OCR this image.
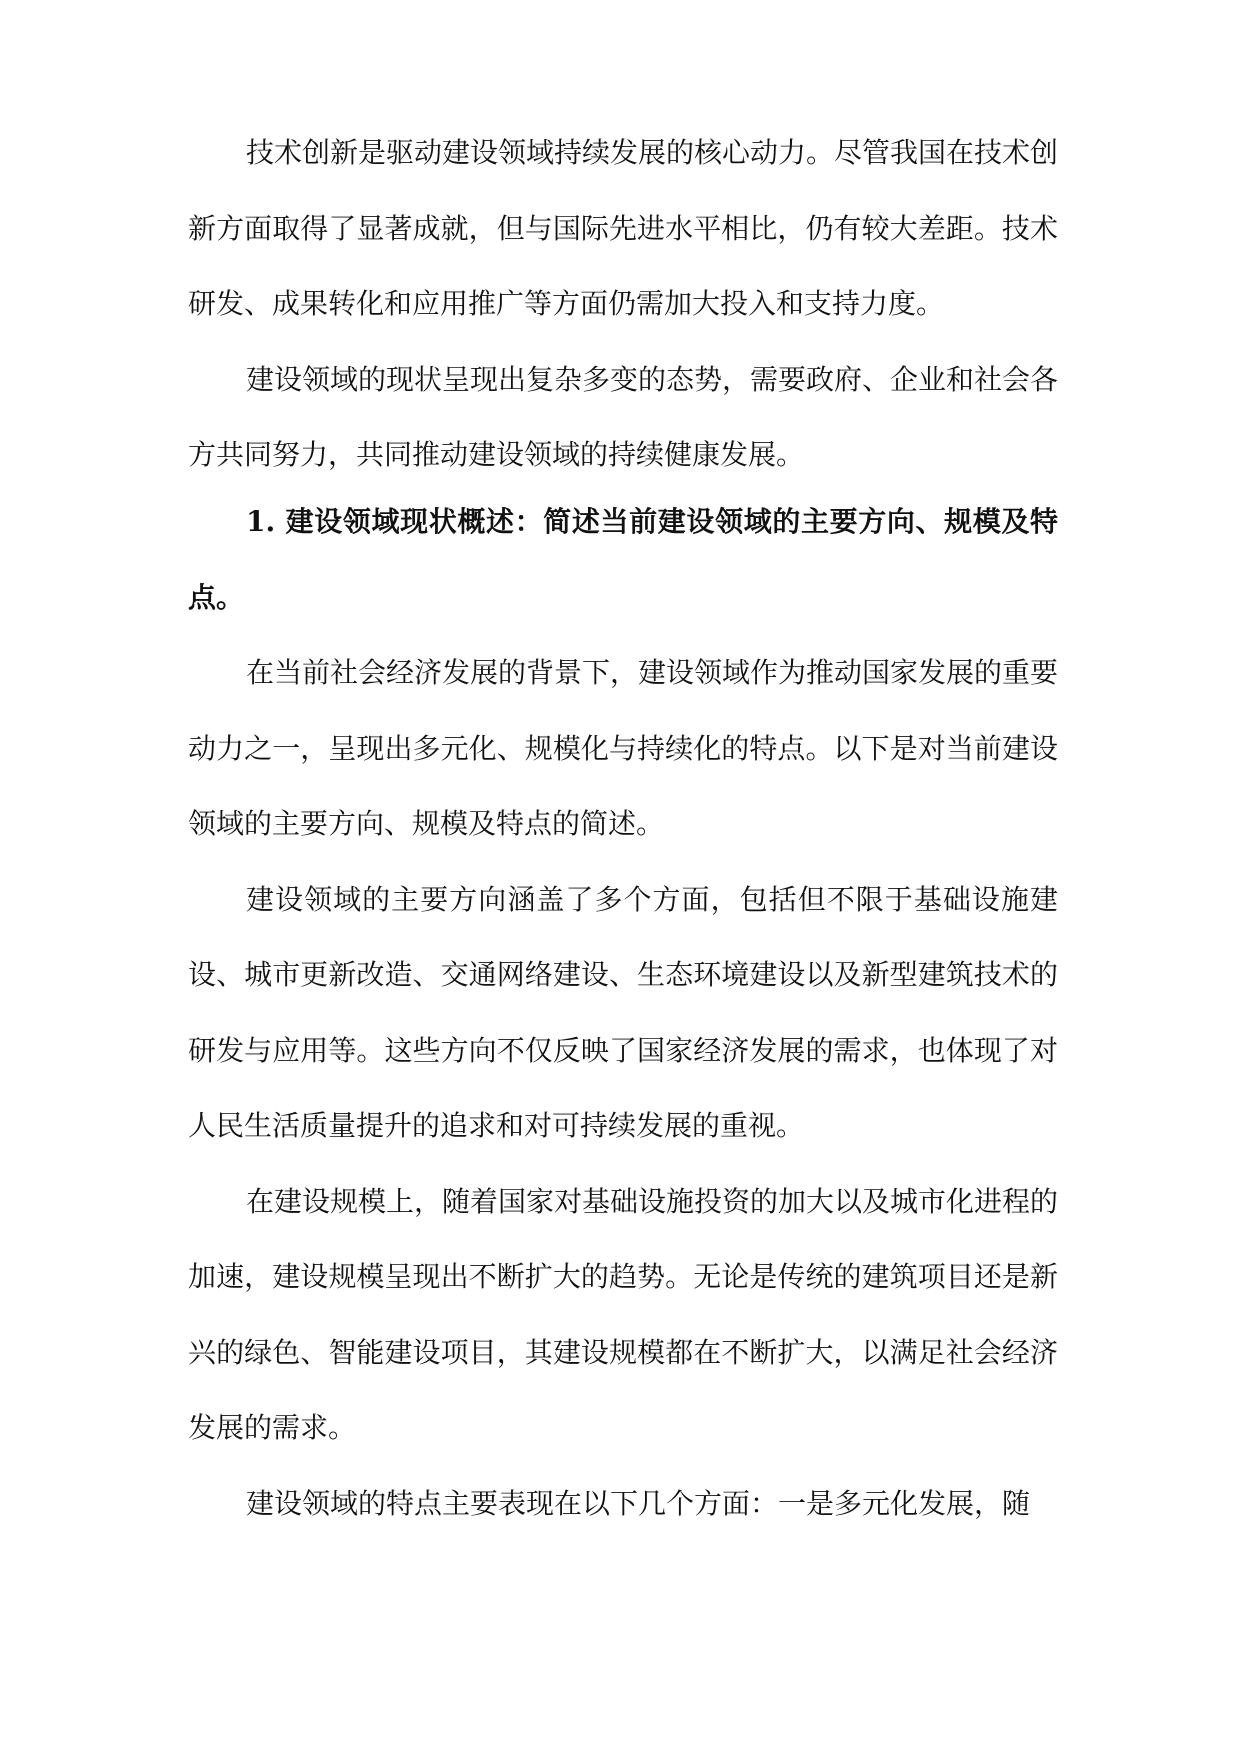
技术创新是驱动建设领域持续发展的核心动力。尽管我国在技术创新方面取得了显著成就，但与国际先进水平相比，仍有较大差距。技术研发、成果转化和应用推广等方面仍需加大投入和支持力度。

建设领域的现状呈现出复杂多变的态势，需要政府、企业和社会各方共同努力，共同推动建设领域的持续健康发展。

1. 建设领域现状概述：简述当前建设领域的主要方向、规模及特点。

在当前社会经济发展的背景下，建设领域作为推动国家发展的重要动力之一，呈现出多元化、规模化与持续化的特点。以下是对当前建设领域的主要方向、规模及特点的简述。

建设领域的主要方向涵盖了多个方面，包括但不限于基础设施建设、城市更新改造、交通网络建设、生态环境建设以及新型建筑技术的研发与应用等。这些方向不仅反映了国家经济发展的需求，也体现了对人民生活质量提升的追求和对可持续发展的重视。

在建设规模上，随着国家对基础设施投资的加大以及城市化进程的加速，建设规模呈现出不断扩大的趋势。无论是传统的建筑项目还是新兴的绿色、智能建设项目，其建设规模都在不断扩大，以满足社会经济发展的需求。

建设领域的特点主要表现在以下几个方面：一是多元化发展，随
